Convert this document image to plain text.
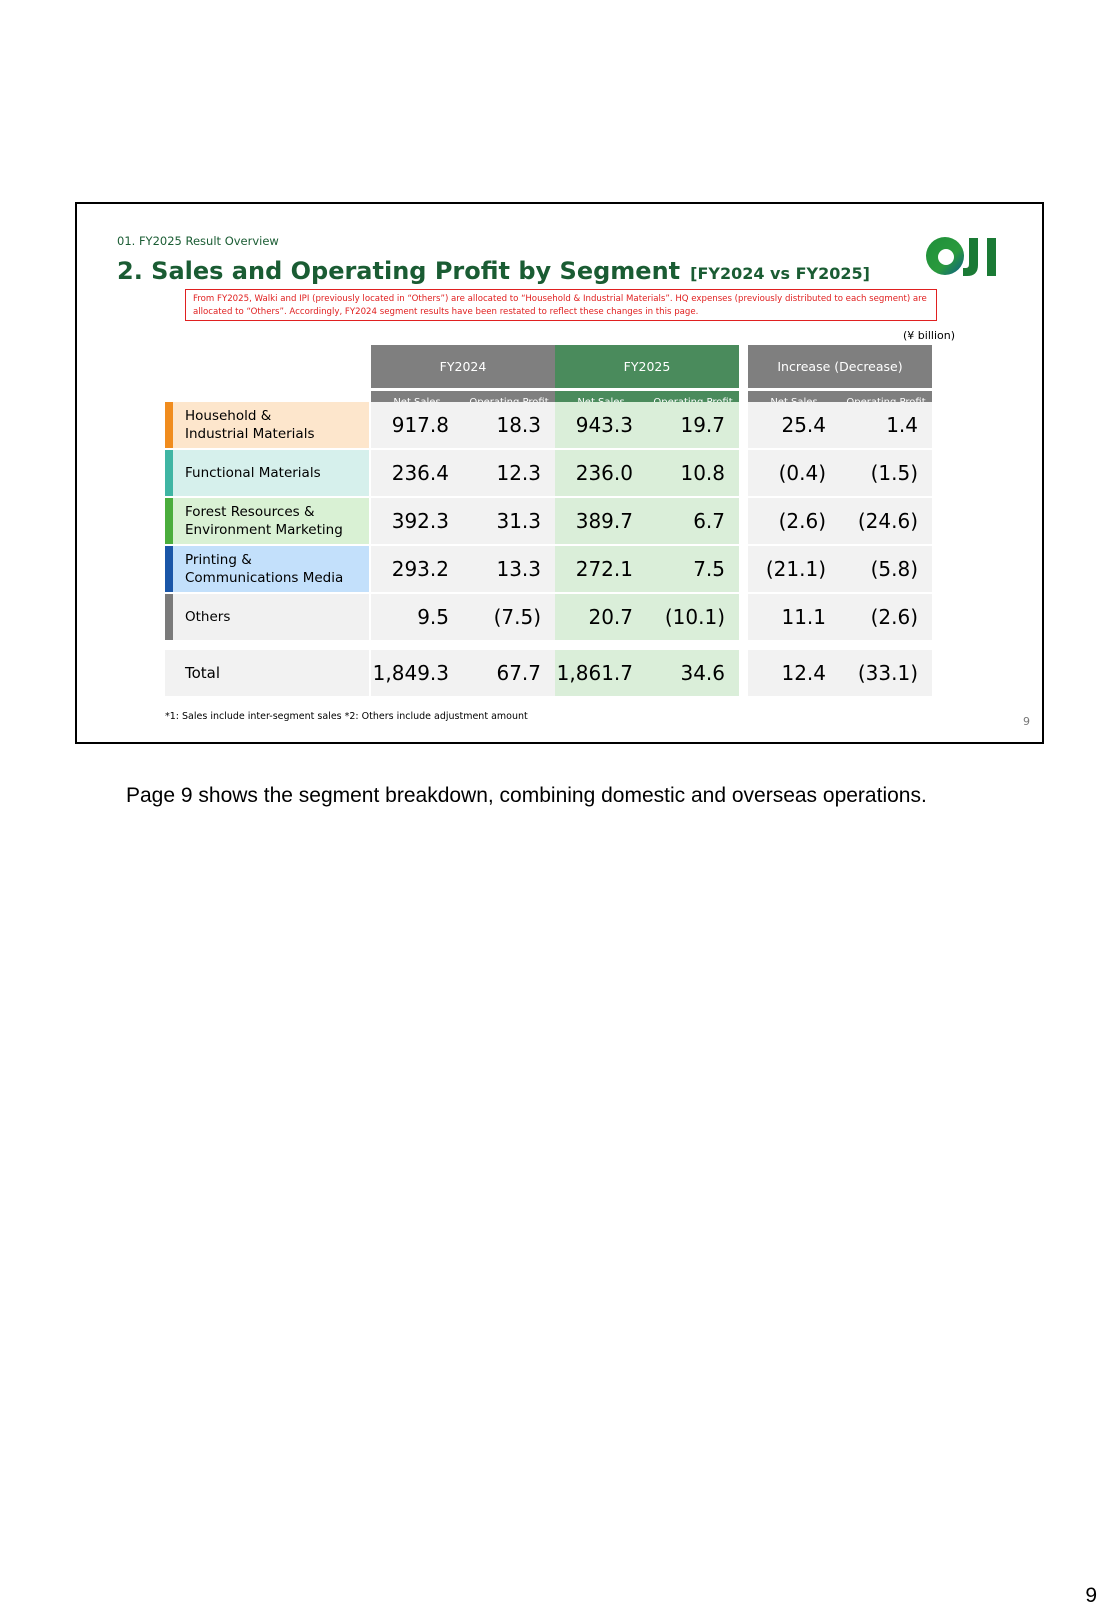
01. FY2025 Result Overview
2. Sales and Operating Profit by Segment [FY2024 vs FY2025]
From FY2025, Walki and IPI (previously located in “Others”) are allocated to “Household & Industrial Materials”. HQ expenses (previously distributed to each segment) are allocated to “Others”. Accordingly, FY2024 segment results have been restated to reflect these changes in this page.
(¥ billion)
FY2024	FY2025	Increase (Decrease)
Household &
Industrial Materials	917.8	18.3	943.3	19.7	25.4	1.4
Functional Materials	236.4	12.3	236.0	10.8	(0.4)	(1.5)
Forest Resources &
Environment Marketing	392.3	31.3	389.7	6.7	(2.6)	(24.6)
Printing &
Communications Media	293.2	13.3	272.1	7.5	(21.1)	(5.8)
Others	9.5	(7.5)	20.7	(10.1)	11.1	(2.6)
Total	1,849.3	67.7 1,861.7	34.6	12.4	(33.1)
*1: Sales include inter-segment sales *2: Others include adjustment amount	9
Page 9 shows the segment breakdown, combining domestic and overseas operations.
9
